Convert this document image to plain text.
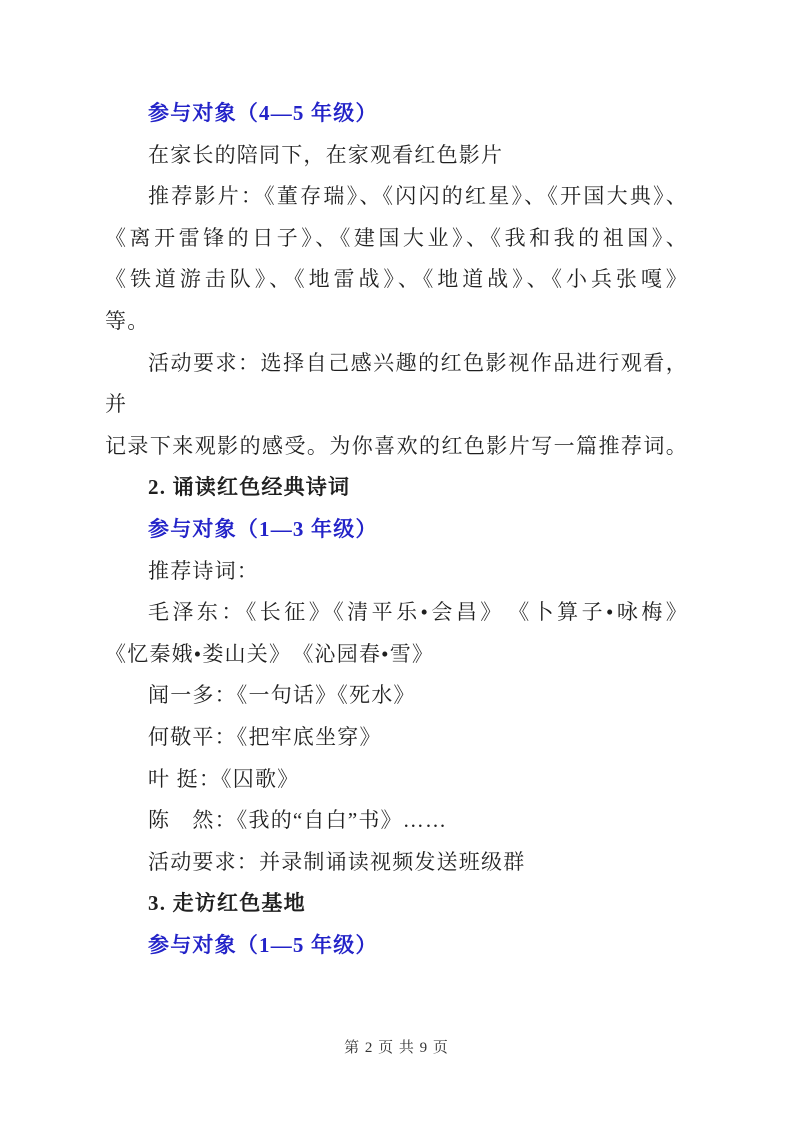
参与对象（4—5 年级）
在家长的陪同下，在家观看红色影片
推荐影片：《董存瑞》、《闪闪的红星》、《开国大典》、
《离开雷锋的日子》、《建国大业》、《我和我的祖国》、
《铁道游击队》、《地雷战》、《地道战》、《小兵张嘎》
等。
活动要求：选择自己感兴趣的红色影视作品进行观看，并
记录下来观影的感受。为你喜欢的红色影片写一篇推荐词。
2. 诵读红色经典诗词
参与对象（1—3 年级）
推荐诗词：
毛泽东：《长征》《清平乐•会昌》　《卜算子•咏梅》
《忆秦娥•娄山关》　《沁园春•雪》
闻一多：《一句话》《死水》
何敬平：《把牢底坐穿》
叶 挺：《囚歌》
陈　然：《我的“自白”书》……
活动要求：并录制诵读视频发送班级群
3. 走访红色基地
参与对象（1—5 年级）
第 2 页 共 9 页
